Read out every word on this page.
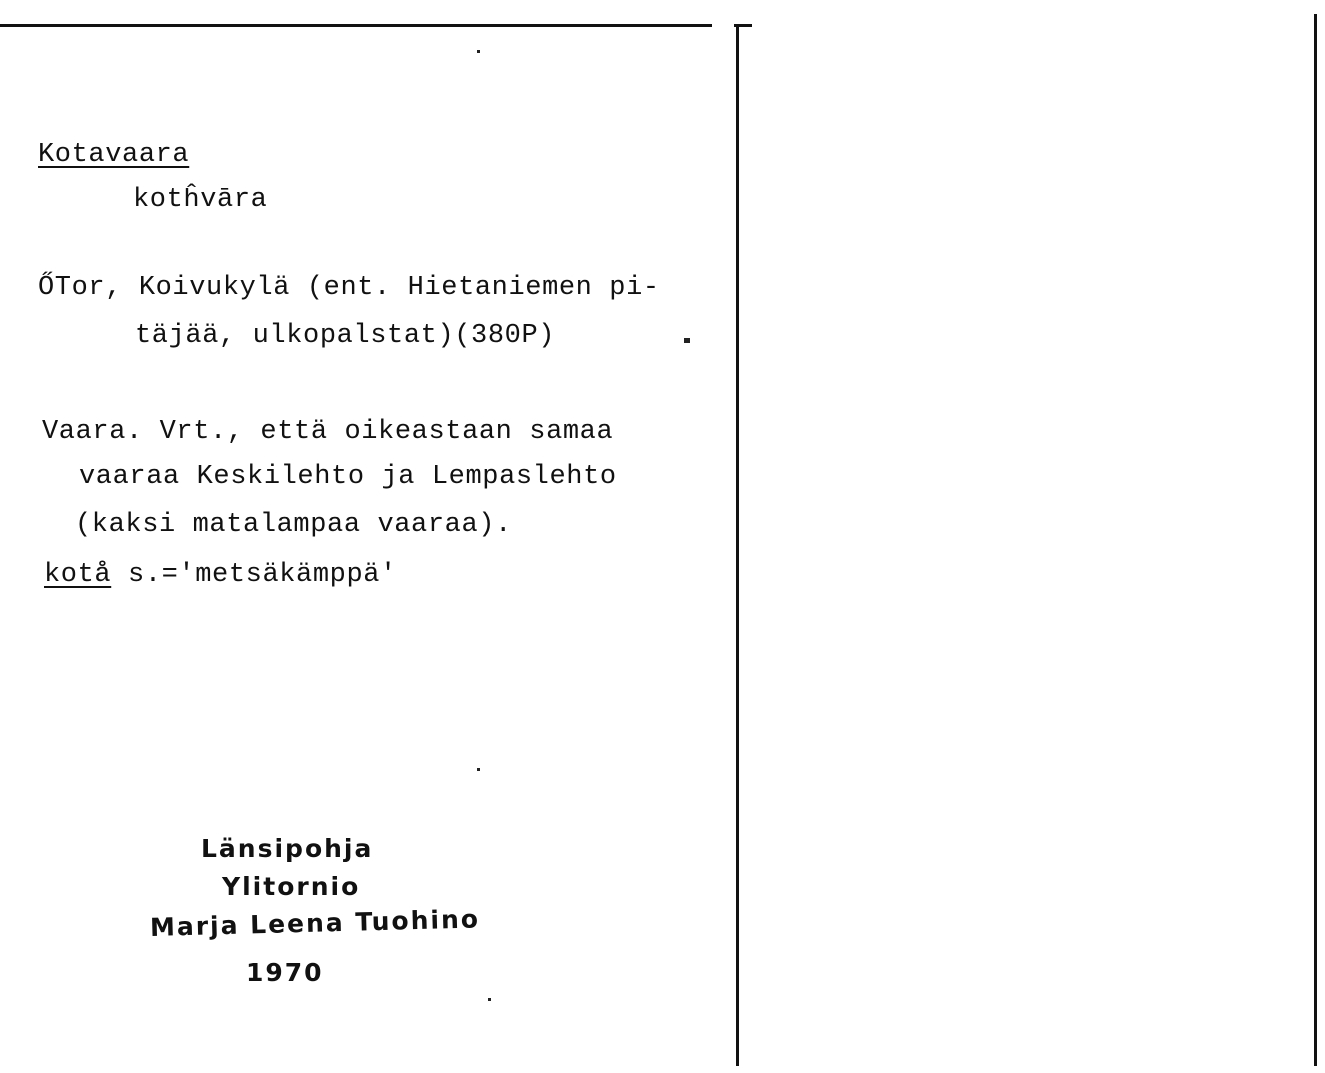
Kotavaara
kotĥvāra
ŐTor, Koivukylä (ent. Hietaniemen pi-
täjää, ulkopalstat)(380P)
Vaara. Vrt., että oikeastaan samaa
vaaraa Keskilehto ja Lempaslehto
(kaksi matalampaa vaaraa).
kotå s.='metsäkämppä'
Länsipohja
Ylitornio
Marja Leena Tuohino
1970
